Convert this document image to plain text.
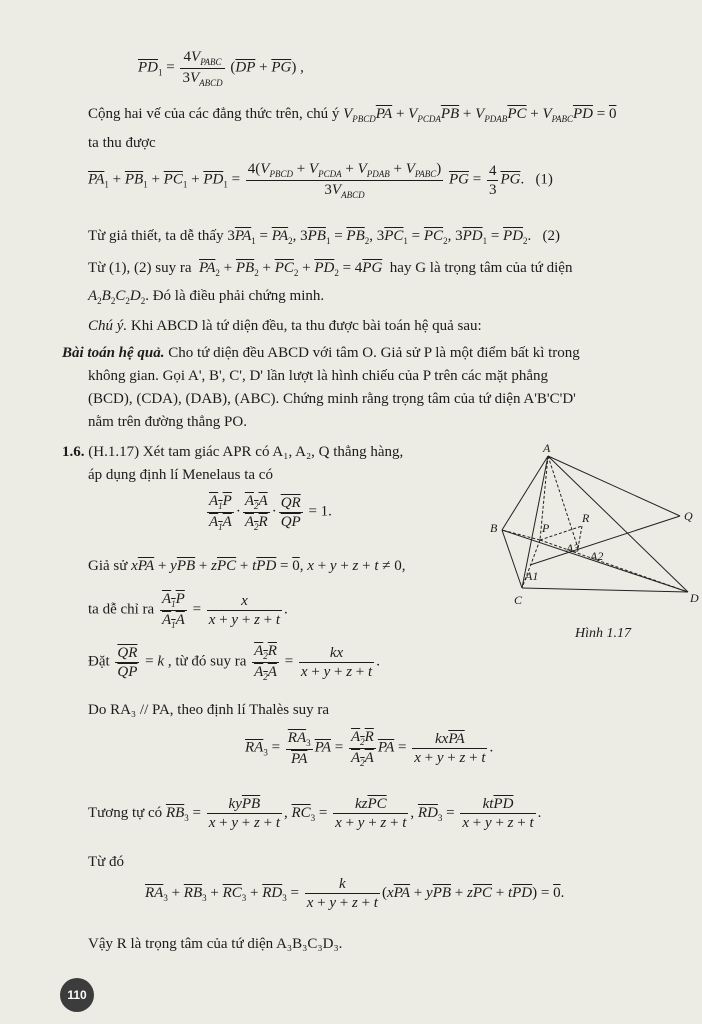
$\overline{PD}_1 = \frac{4V_{PABC}}{3V_{ABCD}} (\overline{DP} + \overline{PG})$ ,
Cộng hai vế của các đẳng thức trên, chú ý $V_{PBCD}\overline{PA} + V_{PCDA}\overline{PB} + V_{PDAB}\overline{PC} + V_{PABC}\overline{PD} = 0$
ta thu được
$\overline{PA}_1 + \overline{PB}_1 + \overline{PC}_1 + \overline{PD}_1 = \frac{4(V_{PBCD} + V_{PCDA} + V_{PDAB} + V_{PABC})}{3V_{ABCD}} \overline{PG} = \frac{4}{3} \overline{PG}$.   (1)
Từ giả thiết, ta dễ thấy $3\overline{PA}_1 = \overline{PA}_2$, $3\overline{PB}_1 = \overline{PB}_2$, $3\overline{PC}_1 = \overline{PC}_2$, $3\overline{PD}_1 = \overline{PD}_2$.   (2)
Từ (1), (2) suy ra $\overline{PA}_2 + \overline{PB}_2 + \overline{PC}_2 + \overline{PD}_2 = 4\overline{PG}$ hay G là trọng tâm của tứ diện
$A_2B_2C_2D_2$. Đó là điều phải chứng minh.
Chú ý. Khi ABCD là tứ diện đều, ta thu được bài toán hệ quả sau:
Bài toán hệ quả. Cho tứ diện đều ABCD với tâm O. Giả sử P là một điểm bất kì trong
không gian. Gọi A', B', C', D' lần lượt là hình chiếu của P trên các mặt phẳng
(BCD), (CDA), (DAB), (ABC). Chứng minh rằng trọng tâm của tứ diện A'B'C'D'
nằm trên đường thẳng PO.
1.6. (H.1.17) Xét tam giác APR có A₁, A₂, Q thẳng hàng,
áp dụng định lí Menelaus ta có
$\frac{A_1P}{A_1A} \cdot \frac{A_2A}{A_2R} \cdot \frac{\overline{QR}}{QP} = 1$.
Giả sử $x\overline{PA} + y\overline{PB} + z\overline{PC} + t\overline{PD} = 0$, x + y + z + t ≠ 0,
ta dễ chỉ ra $\frac{A_1P}{A_1A} = \frac{x}{x + y + z + t}$ .
Đặt $\frac{\overline{QR}}{QP} = k$ , từ đó suy ra $\frac{A_2R}{A_2A} = \frac{kx}{x + y + z + t}$ .
Do RA₃ // PA, theo định lí Thalès suy ra
$\overline{RA}_3 = \frac{\overline{RA}_3}{PA} \overline{PA} = \frac{A_2R}{A_2A} \overline{PA} = \frac{kx\overline{PA}}{x + y + z + t}$ .
Tương tự có $\overline{RB}_3 = \frac{ky\overline{PB}}{x + y + z + t}$ , $\overline{RC}_3 = \frac{kz\overline{PC}}{x + y + z + t}$ , $\overline{RD}_3 = \frac{kt\overline{PD}}{x + y + z + t}$ .
Từ đó
$\overline{RA}_3 + \overline{RB}_3 + \overline{RC}_3 + \overline{RD}_3 = \frac{k}{x + y + z + t} (x\overline{PA} + y\overline{PB} + z\overline{PC} + t\overline{PD}) = 0$.
Vậy R là trọng tâm của tứ diện A₃B₃C₃D₃.
A
B
C	D
P
R	Q
A1
A2
A3
Hình 1.17
110
